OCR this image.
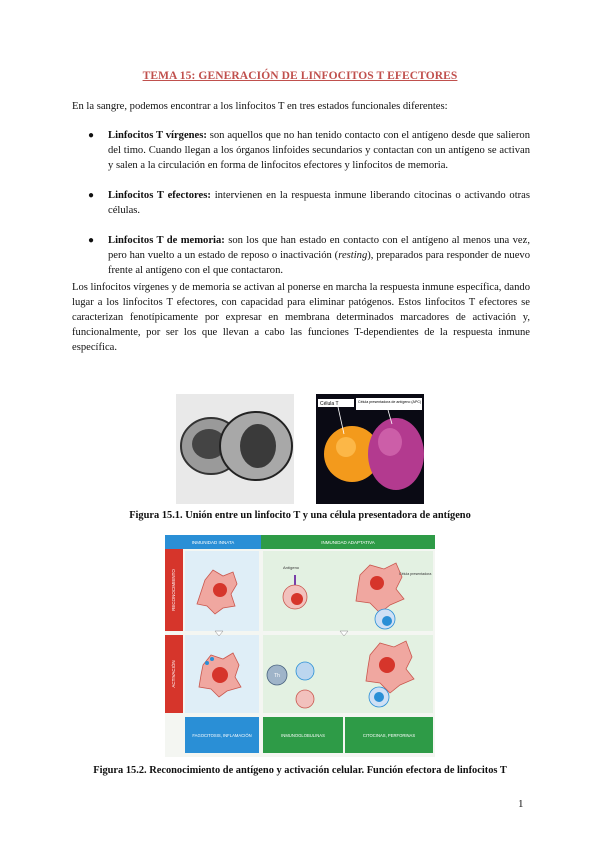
TEMA 15: GENERACIÓN DE LINFOCITOS T EFECTORES
En la sangre, podemos encontrar a los linfocitos T en tres estados funcionales diferentes:
● Linfocitos T vírgenes: son aquellos que no han tenido contacto con el antígeno desde que salieron del timo. Cuando llegan a los órganos linfoides secundarios y contactan con un antígeno se activan y salen a la circulación en forma de linfocitos efectores y linfocitos de memoria.
● Linfocitos T efectores: intervienen en la respuesta inmune liberando citocinas o activando otras células.
● Linfocitos T de memoria: son los que han estado en contacto con el antígeno al menos una vez, pero han vuelto a un estado de reposo o inactivación (resting), preparados para responder de nuevo frente al antígeno con el que contactaron.
Los linfocitos vírgenes y de memoria se activan al ponerse en marcha la respuesta inmune específica, dando lugar a los linfocitos T efectores, con capacidad para eliminar patógenos. Estos linfocitos T efectores se caracterizan fenotípicamente por expresar en membrana determinados marcadores de activación y, funcionalmente, por ser los que llevan a cabo las funciones T-dependientes de la respuesta inmune específica.
Célula T	Célula presentadora de antígeno (APC)
Figura 15.1. Unión entre un linfocito T y una célula presentadora de antígeno
INMUNIDAD INNATA	INMUNIDAD ADAPTATIVA
RECONOCIMIENTO
ACTIVACIÓN
Antígeno
Célula presentadora
Th
FAGOCITOSIS, INFLAMACIÓN	INMUNOGLOBULINAS	CITOCINAS, PERFORINAS
Figura 15.2. Reconocimiento de antígeno y activación celular. Función efectora de linfocitos T
1
